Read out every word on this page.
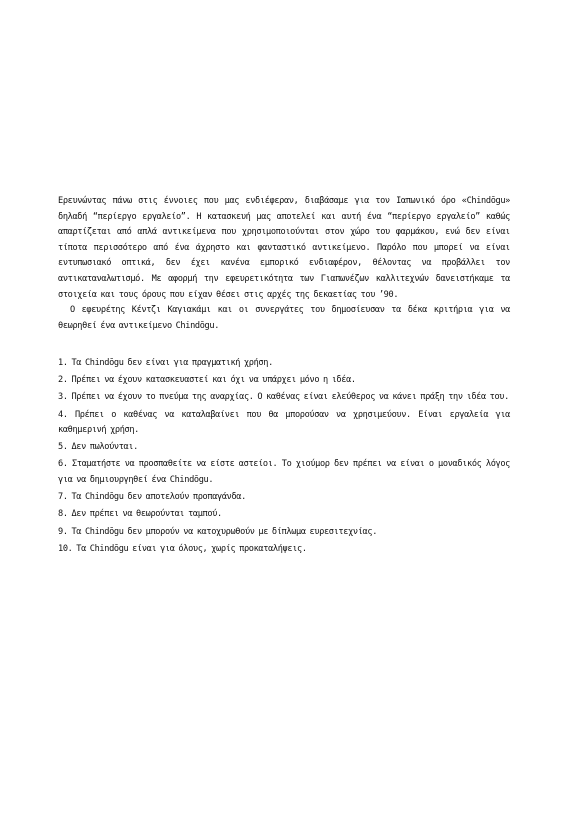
Ερευνώντας πάνω στις έννοιες που μας ενδιέφεραν, διαβάσαμε για τον Ιαπωνικό όρο «Chindōgu» δηλαδή “περίεργο εργαλείο”. Η κατασκευή μας αποτελεί και αυτή ένα “περίεργο εργαλείο” καθώς απαρτίζεται από απλά αντικείμενα που χρησιμοποιούνται στον χώρο του φαρμάκου, ενώ δεν είναι τίποτα περισσότερο από ένα άχρηστο και φανταστικό αντικείμενο. Παρόλο που μπορεί να είναι εντυπωσιακό οπτικά, δεν έχει κανένα εμπορικό ενδιαφέρον, θέλοντας να προβάλλει τον αντικαταναλωτισμό. Με αφορμή την εφευρετικότητα των Γιαπωνέζων καλλιτεχνών δανειστήκαμε τα στοιχεία και τους όρους που είχαν θέσει στις αρχές της δεκαετίας του ’90.

Ο εφευρέτης Κέντζι Καγιακάμι και οι συνεργάτες του δημοσίευσαν τα δέκα κριτήρια για να θεωρηθεί ένα αντικείμενο Chindōgu.

1. Τα Chindōgu δεν είναι για πραγματική χρήση.
2. Πρέπει να έχουν κατασκευαστεί και όχι να υπάρχει μόνο η ιδέα.
3. Πρέπει να έχουν το πνεύμα της αναρχίας. Ο καθένας είναι ελεύθερος να κάνει πράξη την ιδέα του.
4. Πρέπει ο καθένας να καταλαβαίνει που θα μπορούσαν να χρησιμεύουν. Είναι εργαλεία για καθημερινή χρήση.
5. Δεν πωλούνται.
6. Σταματήστε να προσπαθείτε να είστε αστείοι. Το χιούμορ δεν πρέπει να είναι ο μοναδικός λόγος για να δημιουργηθεί ένα Chindōgu.
7. Τα Chindōgu δεν αποτελούν προπαγάνδα.
8. Δεν πρέπει να θεωρούνται ταμπού.
9. Τα Chindōgu δεν μπορούν να κατοχυρωθούν με δίπλωμα ευρεσιτεχνίας.
10. Τα Chindōgu είναι για όλους, χωρίς προκαταλήψεις.
